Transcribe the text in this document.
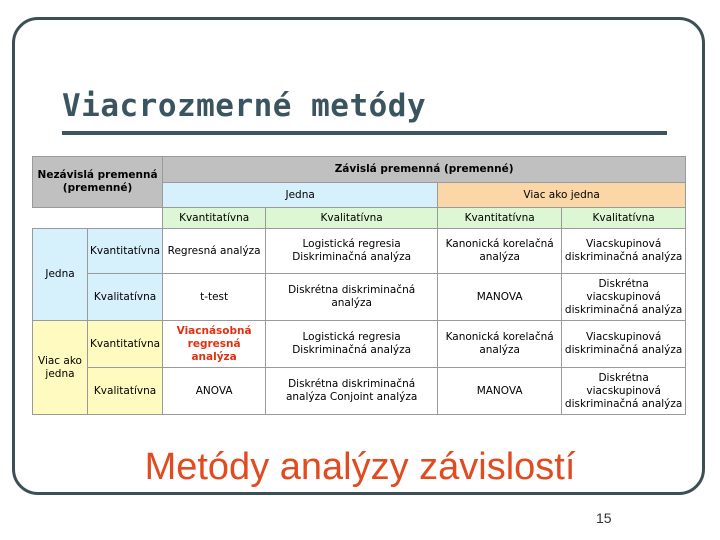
Viacrozmerné metódy
Nezávislá premenná (premenné)		Závislá premenná (premenné)			
		Jedna		Viac ako jedna	
		Kvantitatívna	Kvalitatívna	Kvantitatívna	Kvalitatívna
Jedna	Kvantitatívna	Regresná analýza	Logistická regresia Diskriminačná analýza	Kanonická korelačná analýza	Viacskupinová diskriminačná analýza
	Kvalitatívna	t-test	Diskrétna diskriminačná analýza	MANOVA	Diskrétna viacskupinová diskriminačná analýza
Viac ako jedna	Kvantitatívna	Viacnásobná regresná analýza	Logistická regresia Diskriminačná analýza	Kanonická korelačná analýza	Viacskupinová diskriminačná analýza
	Kvalitatívna	ANOVA	Diskrétna diskriminačná analýza Conjoint analýza	MANOVA	Diskrétna viacskupinová diskriminačná analýza
Metódy analýzy závislostí
15
